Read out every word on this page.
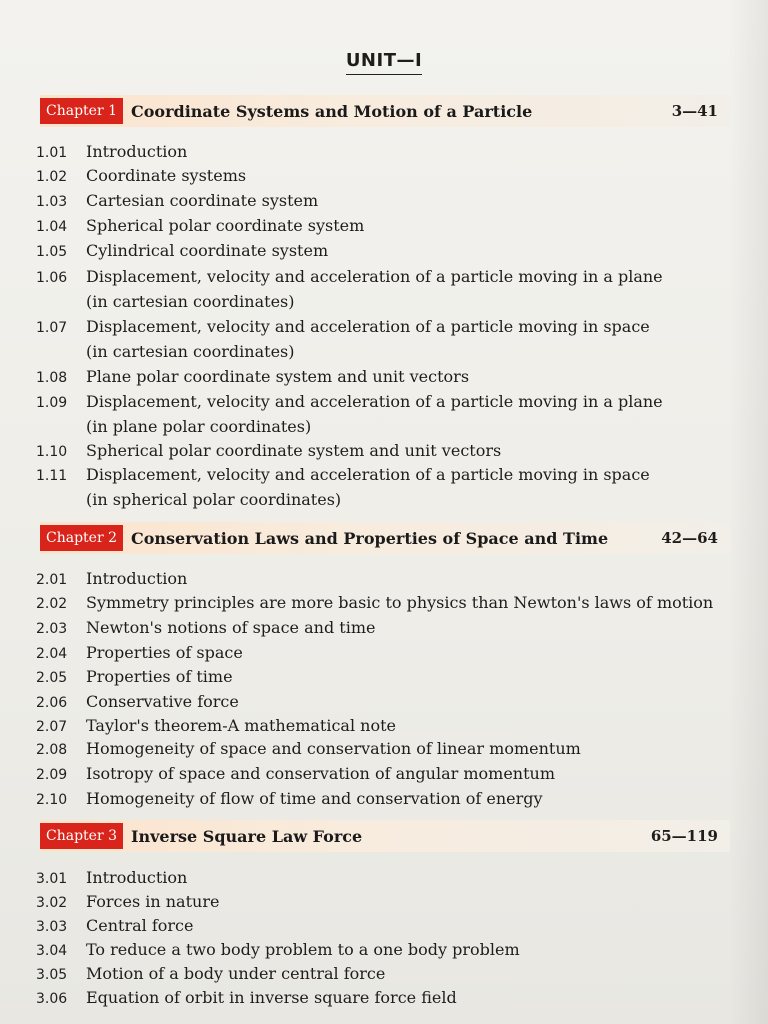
UNIT—I
Chapter 1 Coordinate Systems and Motion of a Particle	3—41
1.01 Introduction
1.02 Coordinate systems
1.03 Cartesian coordinate system
1.04 Spherical polar coordinate system
1.05 Cylindrical coordinate system
1.06 Displacement, velocity and acceleration of a particle moving in a plane
(in cartesian coordinates)
1.07 Displacement, velocity and acceleration of a particle moving in space
(in cartesian coordinates)
1.08 Plane polar coordinate system and unit vectors
1.09 Displacement, velocity and acceleration of a particle moving in a plane
(in plane polar coordinates)
1.10 Spherical polar coordinate system and unit vectors
1.11 Displacement, velocity and acceleration of a particle moving in space
(in spherical polar coordinates)
Chapter 2 Conservation Laws and Properties of Space and Time	42—64
2.01 Introduction
2.02 Symmetry principles are more basic to physics than Newton's laws of motion
2.03 Newton's notions of space and time
2.04 Properties of space
2.05 Properties of time
2.06 Conservative force
2.07 Taylor's theorem-A mathematical note
2.08 Homogeneity of space and conservation of linear momentum
2.09 Isotropy of space and conservation of angular momentum
2.10 Homogeneity of flow of time and conservation of energy
Chapter 3 Inverse Square Law Force	65—119
3.01 Introduction
3.02 Forces in nature
3.03 Central force
3.04 To reduce a two body problem to a one body problem
3.05 Motion of a body under central force
3.06 Equation of orbit in inverse square force field
